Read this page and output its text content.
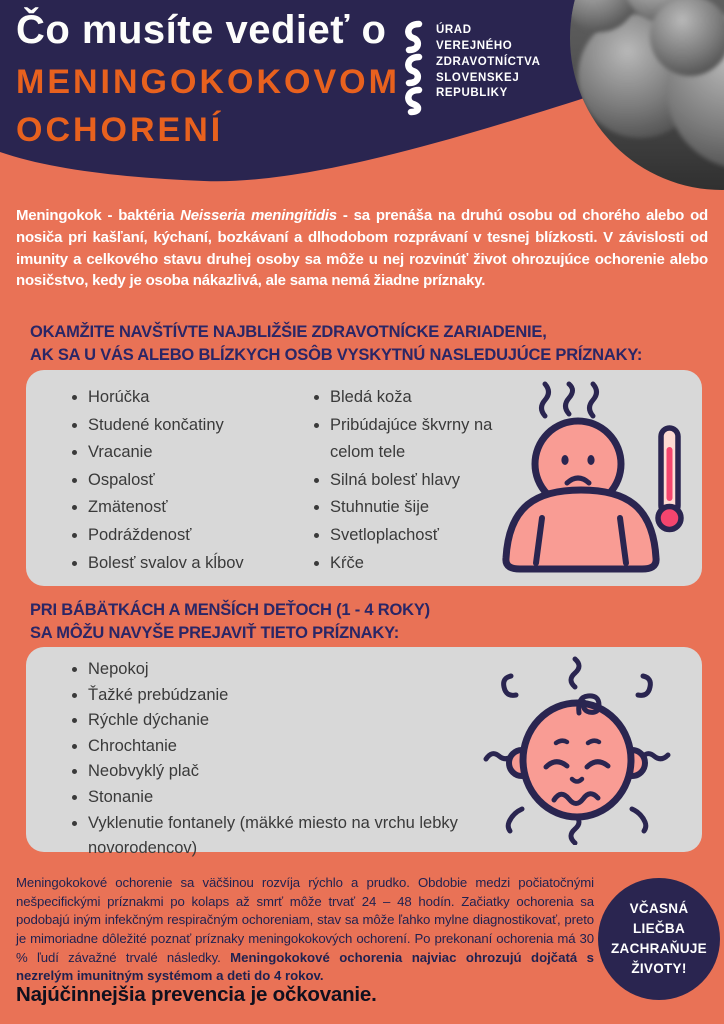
Čo musíte vedieť o
MENINGOKOKOVOM
OCHORENÍ
ÚRAD
VEREJNÉHO
ZDRAVOTNÍCTVA
SLOVENSKEJ
REPUBLIKY

Meningokok - baktéria Neisseria meningitidis - sa prenáša na druhú osobu od chorého alebo od nosiča pri kašľaní, kýchaní, bozkávaní a dlhodobom rozprávaní v tesnej blízkosti. V závislosti od imunity a celkového stavu druhej osoby sa môže u nej rozvinúť život ohrozujúce ochorenie alebo nosičstvo, kedy je osoba nákazlivá, ale sama nemá žiadne príznaky.

OKAMŽITE NAVŠTÍVTE NAJBLIŽŠIE ZDRAVOTNÍCKE ZARIADENIE,
AK SA U VÁS ALEBO BLÍZKYCH OSÔB VYSKYTNÚ NASLEDUJÚCE PRÍZNAKY:
• Horúčka
• Studené končatiny
• Vracanie
• Ospalosť
• Zmätenosť
• Podráždenosť
• Bolesť svalov a kĺbov
• Bledá koža
• Pribúdajúce škvrny na celom tele
• Silná bolesť hlavy
• Stuhnutie šije
• Svetloplachosť
• Kŕče
PRI BÁBÄTKÁCH A MENŠÍCH DEŤOCH (1 - 4 ROKY)
SA MÔŽU NAVYŠE PREJAVIŤ TIETO PRÍZNAKY:
• Nepokoj
• Ťažké prebúdzanie
• Rýchle dýchanie
• Chrochtanie
• Neobvyklý plač
• Stonanie
• Vyklenutie fontanely (mäkké miesto na vrchu lebky novorodencov)

Meningokokové ochorenie sa väčšinou rozvíja rýchlo a prudko. Obdobie medzi počiatočnými nešpecifickými príznakmi po kolaps až smrť môže trvať 24 – 48 hodín. Začiatky ochorenia sa podobajú iným infekčným respiračným ochoreniam, stav sa môže ľahko mylne diagnostikovať, preto je mimoriadne dôležité poznať príznaky meningokokových ochorení. Po prekonaní ochorenia má 30 % ľudí závažné trvalé následky. Meningokokové ochorenia najviac ohrozujú dojčatá s nezrelým imunitným systémom a deti do 4 rokov.

VČASNÁ
LIEČBA
ZACHRAŇUJE
ŽIVOTY!
Najúčinnejšia prevencia je očkovanie.
